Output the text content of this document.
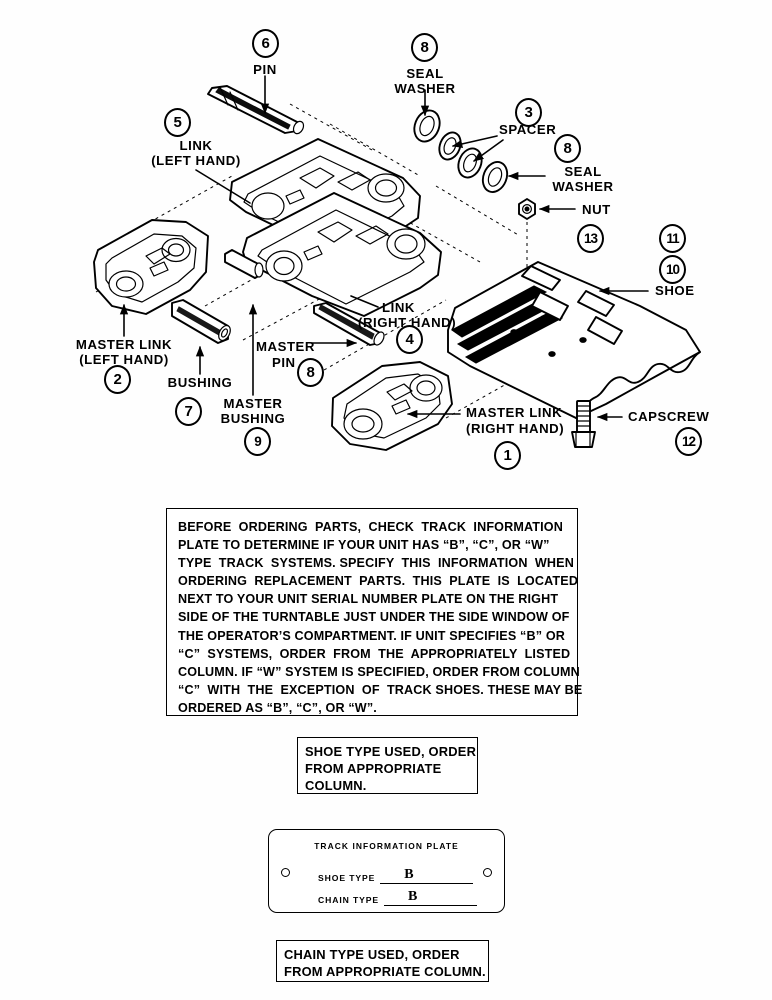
6
5
8
3
8
13	11
10
4
2
7
8
9
1
12
PIN
LINK
(LEFT HAND)
SEAL
WASHER
SPACER
SEAL
WASHER
NUT
SHOE
LINK
(RIGHT HAND)
MASTER LINK
(LEFT HAND)
BUSHING
MASTER
PIN
MASTER
BUSHING	MASTER LINK
(RIGHT HAND)
CAPSCREW
BEFORE  ORDERING  PARTS,  CHECK  TRACK  INFORMATION
PLATE TO DETERMINE IF YOUR UNIT HAS “B”, “C”, OR “W”
TYPE  TRACK  SYSTEMS. SPECIFY  THIS  INFORMATION  WHEN
ORDERING  REPLACEMENT  PARTS.  THIS  PLATE  IS  LOCATED
NEXT TO YOUR UNIT SERIAL NUMBER PLATE ON THE RIGHT
SIDE OF THE TURNTABLE JUST UNDER THE SIDE WINDOW OF
THE OPERATOR’S COMPARTMENT. IF UNIT SPECIFIES “B” OR
“C”  SYSTEMS,  ORDER  FROM  THE  APPROPRIATELY  LISTED
COLUMN. IF “W” SYSTEM IS SPECIFIED, ORDER FROM COLUMN
“C”  WITH  THE  EXCEPTION  OF  TRACK SHOES. THESE MAY BE
ORDERED AS “B”, “C”, OR “W”.
SHOE TYPE USED, ORDER
FROM APPROPRIATE
COLUMN.
TRACK INFORMATION PLATE
SHOE TYPE B
CHAIN TYPE B
CHAIN TYPE USED, ORDER
FROM APPROPRIATE COLUMN.
